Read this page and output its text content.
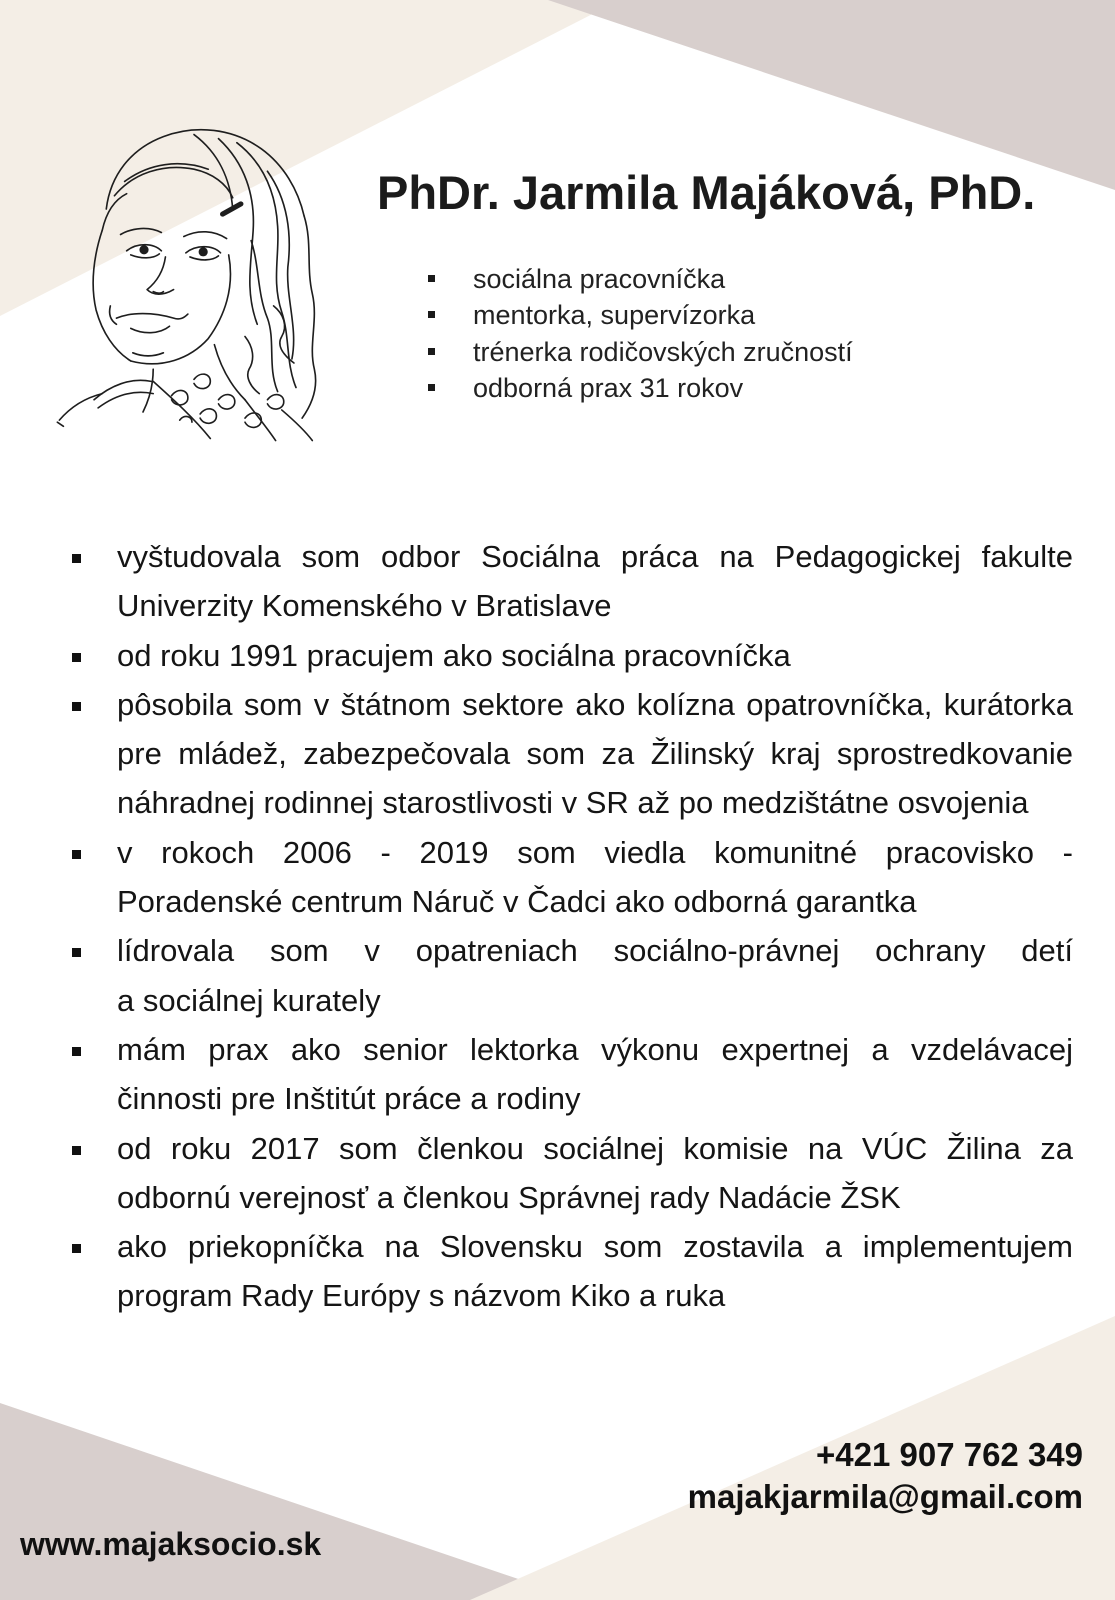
PhDr. Jarmila Majáková, PhD.
sociálna pracovníčka
mentorka, supervízorka
trénerka rodičovských zručností
odborná prax 31 rokov
vyštudovala som odbor Sociálna práca na Pedagogickej fakulte
Univerzity Komenského v Bratislave
od roku 1991 pracujem ako sociálna pracovníčka
pôsobila som v štátnom sektore ako kolízna opatrovníčka, kurátorka
pre mládež, zabezpečovala som za Žilinský kraj sprostredkovanie
náhradnej rodinnej starostlivosti v SR až po medzištátne osvojenia
v rokoch 2006 - 2019 som viedla komunitné pracovisko -
Poradenské centrum Náruč v Čadci ako odborná garantka
lídrovala som v opatreniach sociálno-právnej ochrany detí
a sociálnej kurately
mám prax ako senior lektorka výkonu expertnej a vzdelávacej
činnosti pre Inštitút práce a rodiny
od roku 2017 som členkou sociálnej komisie na VÚC Žilina za
odbornú verejnosť a členkou Správnej rady Nadácie ŽSK
ako priekopníčka na Slovensku som zostavila a implementujem
program Rady Európy s názvom Kiko a ruka
+421 907 762 349
majakjarmila@gmail.com
www.majaksocio.sk
